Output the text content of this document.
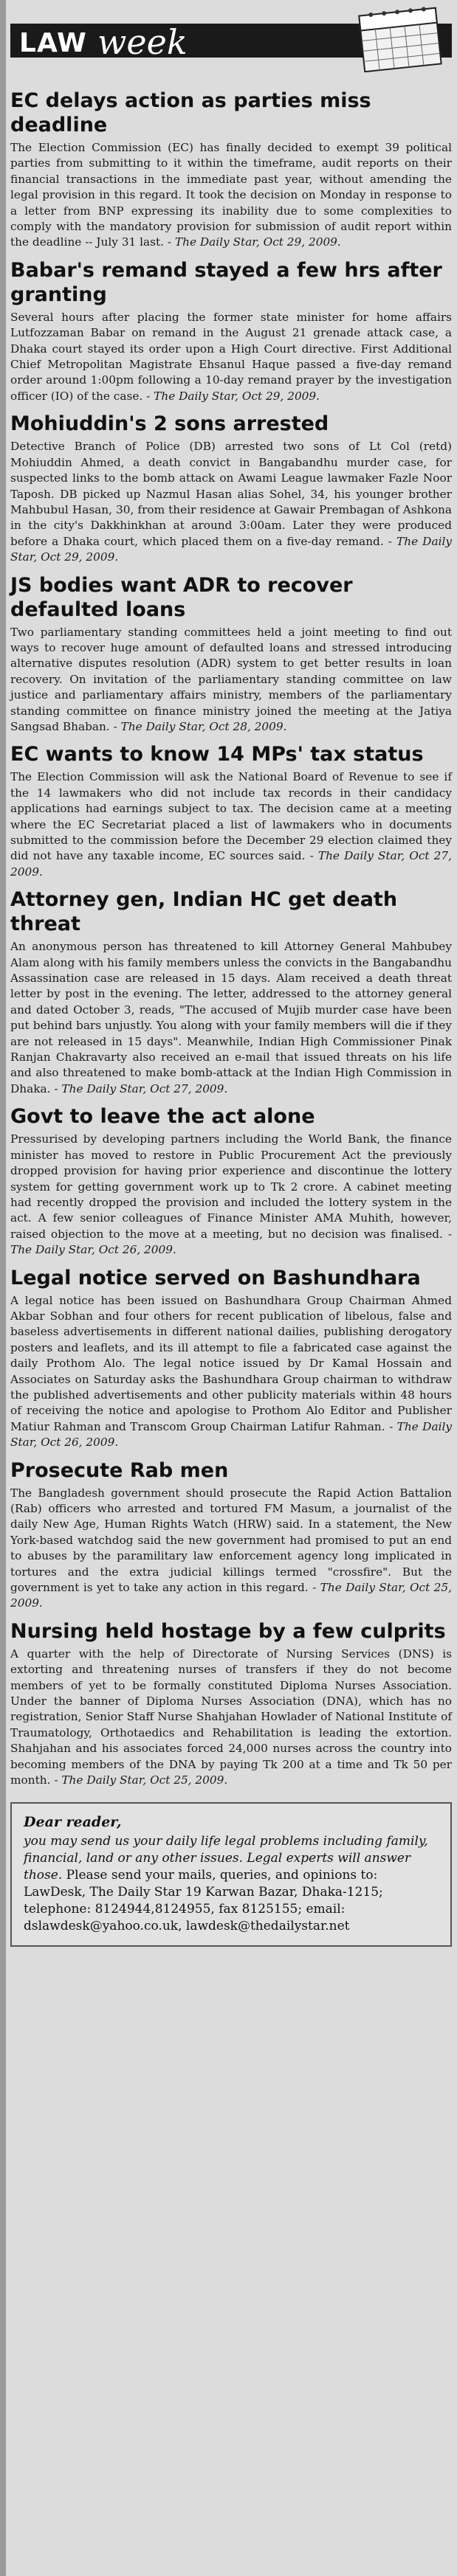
LAW week
EC delays action as parties miss deadline

The Election Commission (EC) has finally decided to exempt 39 political parties from submitting to it within the timeframe, audit reports on their financial transactions in the immediate past year, without amending the legal provision in this regard. It took the decision on Monday in response to a letter from BNP expressing its inability due to some complexities to comply with the mandatory provision for submission of audit report within the deadline -- July 31 last. - The Daily Star, Oct 29, 2009.

Babar's remand stayed a few hrs after granting

Several hours after placing the former state minister for home affairs Lutfozzaman Babar on remand in the August 21 grenade attack case, a Dhaka court stayed its order upon a High Court directive. First Additional Chief Metropolitan Magistrate Ehsanul Haque passed a five-day remand order around 1:00pm following a 10-day remand prayer by the investigation officer (IO) of the case. - The Daily Star, Oct 29, 2009.

Mohiuddin's 2 sons arrested

Detective Branch of Police (DB) arrested two sons of Lt Col (retd) Mohiuddin Ahmed, a death convict in Bangabandhu murder case, for suspected links to the bomb attack on Awami League lawmaker Fazle Noor Taposh. DB picked up Nazmul Hasan alias Sohel, 34, his younger brother Mahbubul Hasan, 30, from their residence at Gawair Prembagan of Ashkona in the city's Dakkhinkhan at around 3:00am. Later they were produced before a Dhaka court, which placed them on a five-day remand. - The Daily Star, Oct 29, 2009.

JS bodies want ADR to recover defaulted loans

Two parliamentary standing committees held a joint meeting to find out ways to recover huge amount of defaulted loans and stressed introducing alternative disputes resolution (ADR) system to get better results in loan recovery. On invitation of the parliamentary standing committee on law justice and parliamentary affairs ministry, members of the parliamentary standing committee on finance ministry joined the meeting at the Jatiya Sangsad Bhaban. - The Daily Star, Oct 28, 2009.

EC wants to know 14 MPs' tax status

The Election Commission will ask the National Board of Revenue to see if the 14 lawmakers who did not include tax records in their candidacy applications had earnings subject to tax. The decision came at a meeting where the EC Secretariat placed a list of lawmakers who in documents submitted to the commission before the December 29 election claimed they did not have any taxable income, EC sources said. - The Daily Star, Oct 27, 2009.

Attorney gen, Indian HC get death threat

An anonymous person has threatened to kill Attorney General Mahbubey Alam along with his family members unless the convicts in the Bangabandhu Assassination case are released in 15 days. Alam received a death threat letter by post in the evening. The letter, addressed to the attorney general and dated October 3, reads, "The accused of Mujib murder case have been put behind bars unjustly. You along with your family members will die if they are not released in 15 days". Meanwhile, Indian High Commissioner Pinak Ranjan Chakravarty also received an e-mail that issued threats on his life and also threatened to make bomb-attack at the Indian High Commission in Dhaka. - The Daily Star, Oct 27, 2009.

Govt to leave the act alone

Pressurised by developing partners including the World Bank, the finance minister has moved to restore in Public Procurement Act the previously dropped provision for having prior experience and discontinue the lottery system for getting government work up to Tk 2 crore. A cabinet meeting had recently dropped the provision and included the lottery system in the act. A few senior colleagues of Finance Minister AMA Muhith, however, raised objection to the move at a meeting, but no decision was finalised. - The Daily Star, Oct 26, 2009.

Legal notice served on Bashundhara

A legal notice has been issued on Bashundhara Group Chairman Ahmed Akbar Sobhan and four others for recent publication of libelous, false and baseless advertisements in different national dailies, publishing derogatory posters and leaflets, and its ill attempt to file a fabricated case against the daily Prothom Alo. The legal notice issued by Dr Kamal Hossain and Associates on Saturday asks the Bashundhara Group chairman to withdraw the published advertisements and other publicity materials within 48 hours of receiving the notice and apologise to Prothom Alo Editor and Publisher Matiur Rahman and Transcom Group Chairman Latifur Rahman. - The Daily Star, Oct 26, 2009.

Prosecute Rab men

The Bangladesh government should prosecute the Rapid Action Battalion (Rab) officers who arrested and tortured FM Masum, a journalist of the daily New Age, Human Rights Watch (HRW) said. In a statement, the New York-based watchdog said the new government had promised to put an end to abuses by the paramilitary law enforcement agency long implicated in tortures and the extra judicial killings termed "crossfire". But the government is yet to take any action in this regard. - The Daily Star, Oct 25, 2009.

Nursing held hostage by a few culprits

A quarter with the help of Directorate of Nursing Services (DNS) is extorting and threatening nurses of transfers if they do not become members of yet to be formally constituted Diploma Nurses Association. Under the banner of Diploma Nurses Association (DNA), which has no registration, Senior Staff Nurse Shahjahan Howlader of National Institute of Traumatology, Orthotaedics and Rehabilitation is leading the extortion. Shahjahan and his associates forced 24,000 nurses across the country into becoming members of the DNA by paying Tk 200 at a time and Tk 50 per month. - The Daily Star, Oct 25, 2009.

Dear reader,

you may send us your daily life legal problems including family, financial, land or any other issues. Legal experts will answer those. Please send your mails, queries, and opinions to: LawDesk, The Daily Star 19 Karwan Bazar, Dhaka-1215; telephone: 8124944,8124955, fax 8125155; email: dslawdesk@yahoo.co.uk, lawdesk@thedailystar.net
